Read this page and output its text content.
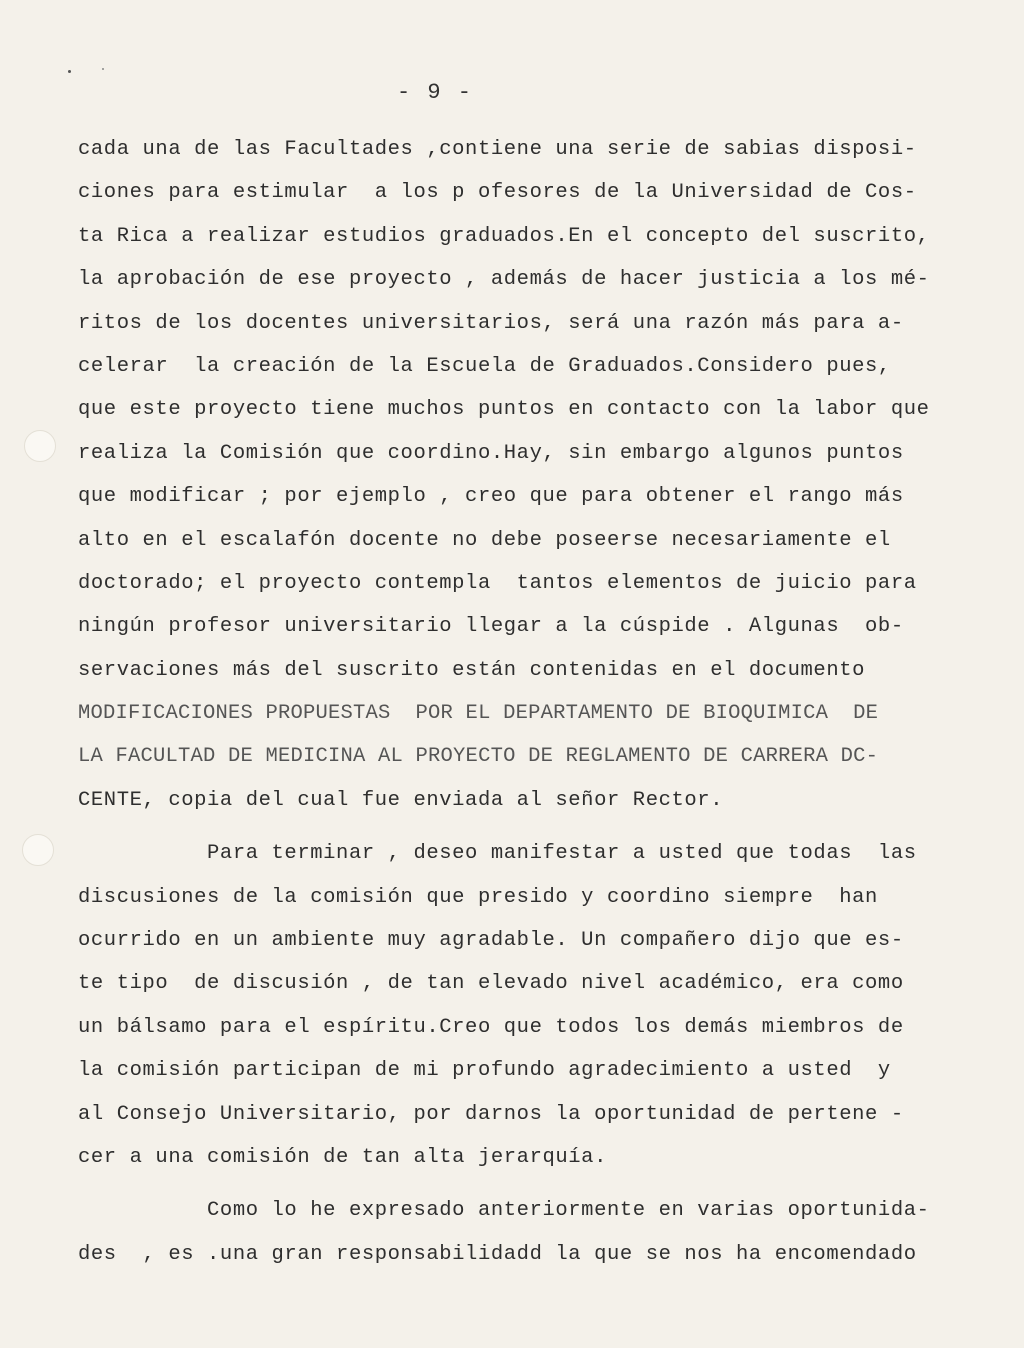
- 9 -
cada una de las Facultades ,contiene una serie de sabias disposi-
ciones para estimular  a los p ofesores de la Universidad de Cos-
ta Rica a realizar estudios graduados.En el concepto del suscrito,
la aprobación de ese proyecto , además de hacer justicia a los mé-
ritos de los docentes universitarios, será una razón más para a-
celerar  la creación de la Escuela de Graduados.Considero pues,
que este proyecto tiene muchos puntos en contacto con la labor que
realiza la Comisión que coordino.Hay, sin embargo algunos puntos
que modificar ; por ejemplo , creo que para obtener el rango más
alto en el escalafón docente no debe poseerse necesariamente el
doctorado; el proyecto contempla  tantos elementos de juicio para
ningún profesor universitario llegar a la cúspide . Algunas  ob-
servaciones más del suscrito están contenidas en el documento
MODIFICACIONES PROPUESTAS  POR EL DEPARTAMENTO DE BIOQUIMICA  DE
LA FACULTAD DE MEDICINA AL PROYECTO DE REGLAMENTO DE CARRERA DC-
CENTE, copia del cual fue enviada al señor Rector.
Para terminar , deseo manifestar a usted que todas  las
discusiones de la comisión que presido y coordino siempre  han
ocurrido en un ambiente muy agradable. Un compañero dijo que es-
te tipo  de discusión , de tan elevado nivel académico, era como
un bálsamo para el espíritu.Creo que todos los demás miembros de
la comisión participan de mi profundo agradecimiento a usted  y
al Consejo Universitario, por darnos la oportunidad de pertene -
cer a una comisión de tan alta jerarquía.
Como lo he expresado anteriormente en varias oportunida-
des  , es .una gran responsabilidadd la que se nos ha encomendado
